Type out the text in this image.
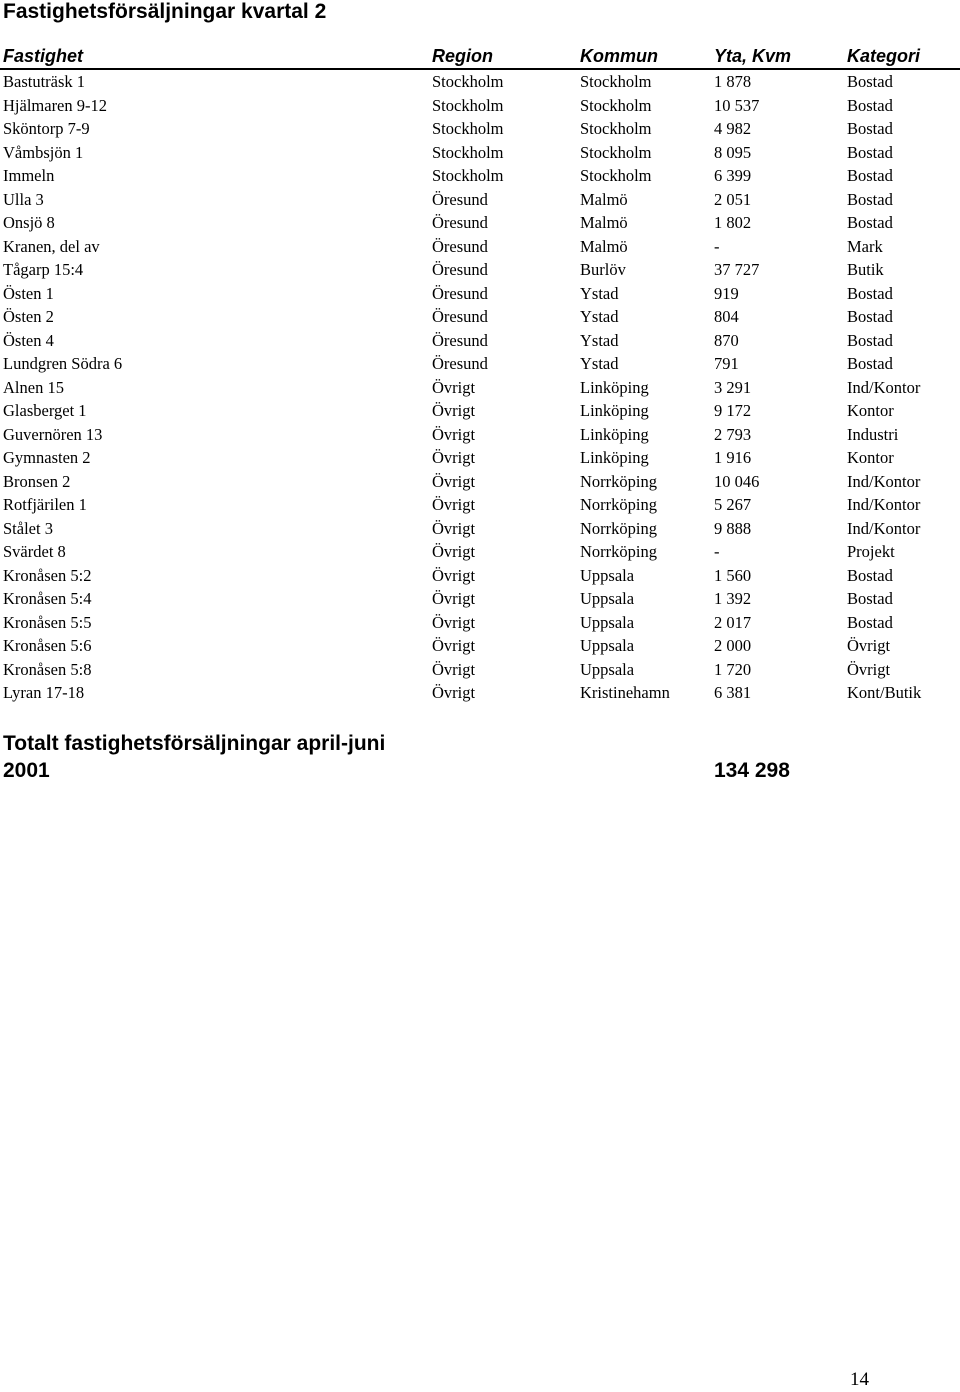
Fastighetsförsäljningar kvartal 2
Fastighet	Region	Kommun	Yta, Kvm	Kategori
Bastuträsk 1	Stockholm	Stockholm	1 878	Bostad
Hjälmaren 9-12	Stockholm	Stockholm	10 537	Bostad
Sköntorp 7-9	Stockholm	Stockholm	4 982	Bostad
Våmbsjön 1	Stockholm	Stockholm	8 095	Bostad
Immeln	Stockholm	Stockholm	6 399	Bostad
Ulla 3	Öresund	Malmö	2 051	Bostad
Onsjö 8	Öresund	Malmö	1 802	Bostad
Kranen, del av	Öresund	Malmö	-	Mark
Tågarp 15:4	Öresund	Burlöv	37 727	Butik
Östen 1	Öresund	Ystad	919	Bostad
Östen 2	Öresund	Ystad	804	Bostad
Östen 4	Öresund	Ystad	870	Bostad
Lundgren Södra 6	Öresund	Ystad	791	Bostad
Alnen 15	Övrigt	Linköping	3 291	Ind/Kontor
Glasberget 1	Övrigt	Linköping	9 172	Kontor
Guvernören 13	Övrigt	Linköping	2 793	Industri
Gymnasten 2	Övrigt	Linköping	1 916	Kontor
Bronsen 2	Övrigt	Norrköping	10 046	Ind/Kontor
Rotfjärilen 1	Övrigt	Norrköping	5 267	Ind/Kontor
Stålet 3	Övrigt	Norrköping	9 888	Ind/Kontor
Svärdet 8	Övrigt	Norrköping	-	Projekt
Kronåsen 5:2	Övrigt	Uppsala	1 560	Bostad
Kronåsen 5:4	Övrigt	Uppsala	1 392	Bostad
Kronåsen 5:5	Övrigt	Uppsala	2 017	Bostad
Kronåsen 5:6	Övrigt	Uppsala	2 000	Övrigt
Kronåsen 5:8	Övrigt	Uppsala	1 720	Övrigt
Lyran 17-18	Övrigt	Kristinehamn	6 381	Kont/Butik
Totalt fastighetsförsäljningar april-juni 2001	134 298
14
